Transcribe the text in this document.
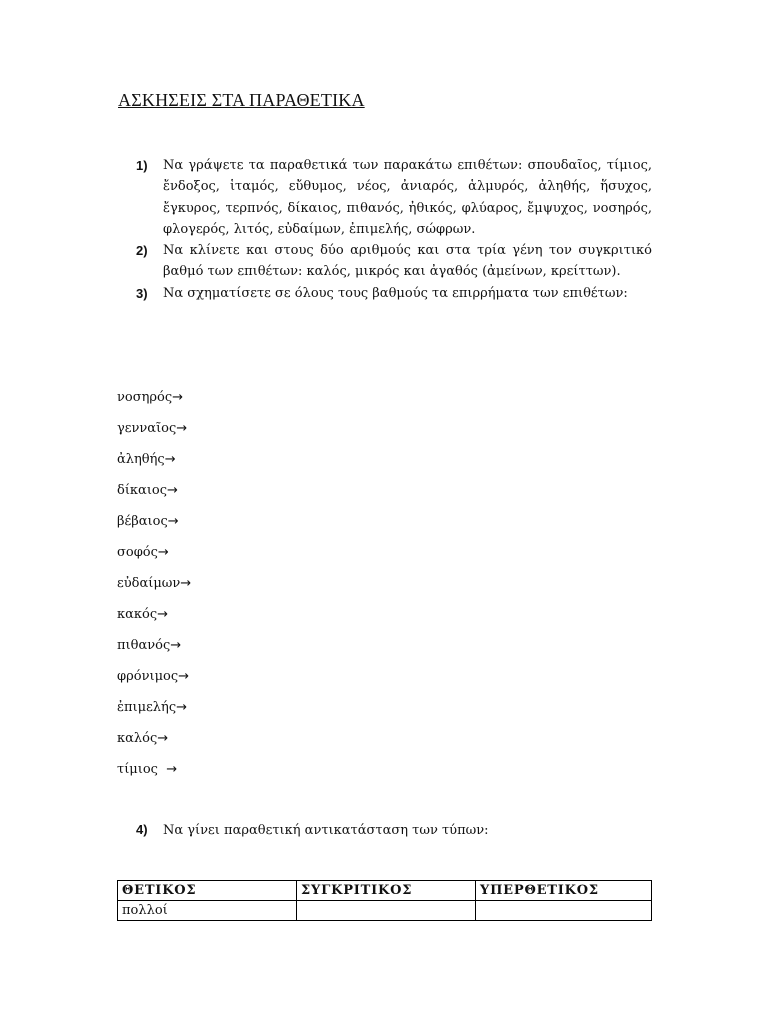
ΑΣΚΗΣΕΙΣ ΣΤΑ ΠΑΡΑΘΕΤΙΚΑ
1) Να γράψετε τα παραθετικά των παρακάτω επιθέτων: σπουδαῖος, τίμιος, ἔνδοξος, ἱταμός, εὔθυμος, νέος, ἀνιαρός, ἁλμυρός, ἀληθής, ἥσυχος, ἔγκυρος, τερπνός, δίκαιος, πιθανός, ἠθικός, φλύαρος, ἔμψυχος, νοσηρός, φλογερός, λιτός, εὐδαίμων, ἐπιμελής, σώφρων.
2) Να κλίνετε και στους δύο αριθμούς και στα τρία γένη τον συγκριτικό βαθμό των επιθέτων: καλός, μικρός και ἀγαθός (ἀμείνων, κρείττων).
3) Να σχηματίσετε σε όλους τους βαθμούς τα επιρρήματα των επιθέτων:
νοσηρός→
γενναῖος→
ἀληθής→
δίκαιος→
βέβαιος→
σοφός→
εὐδαίμων→
κακός→
πιθανός→
φρόνιμος→
ἐπιμελής→
καλός→
τίμιος  →
4) Να γίνει παραθετική αντικατάσταση των τύπων:
ΘΕΤΙΚΟΣ	ΣΥΓΚΡΙΤΙΚΟΣ	ΥΠΕΡΘΕΤΙΚΟΣ
πολλοί		
